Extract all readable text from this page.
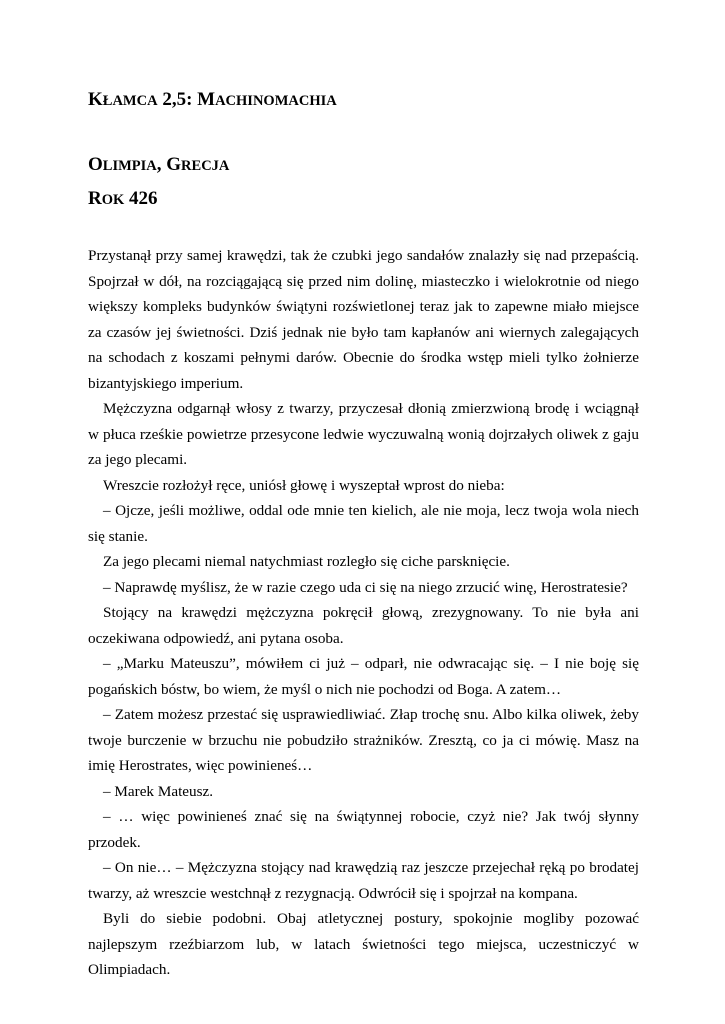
KŁAMCA 2,5: MACHINOMACHIA
OLIMPIA, GRECJA
ROK 426

Przystanął przy samej krawędzi, tak że czubki jego sandałów znalazły się nad przepaścią. Spojrzał w dół, na rozciągającą się przed nim dolinę, miasteczko i wielokrotnie od niego większy kompleks budynków świątyni rozświetlonej teraz jak to zapewne miało miejsce za czasów jej świetności. Dziś jednak nie było tam kapłanów ani wiernych zalegających na schodach z koszami pełnymi darów. Obecnie do środka wstęp mieli tylko żołnierze bizantyjskiego imperium.

Mężczyzna odgarnął włosy z twarzy, przyczesał dłonią zmierzwioną brodę i wciągnął w płuca rześkie powietrze przesycone ledwie wyczuwalną wonią dojrzałych oliwek z gaju za jego plecami.

Wreszcie rozłożył ręce, uniósł głowę i wyszeptał wprost do nieba:

– Ojcze, jeśli możliwe, oddal ode mnie ten kielich, ale nie moja, lecz twoja wola niech się stanie.

Za jego plecami niemal natychmiast rozległo się ciche parsknięcie.

– Naprawdę myślisz, że w razie czego uda ci się na niego zrzucić winę, Herostratesie?

Stojący na krawędzi mężczyzna pokręcił głową, zrezygnowany. To nie była ani oczekiwana odpowiedź, ani pytana osoba.

– „Marku Mateuszu”, mówiłem ci już – odparł, nie odwracając się. – I nie boję się pogańskich bóstw, bo wiem, że myśl o nich nie pochodzi od Boga. A zatem…

– Zatem możesz przestać się usprawiedliwiać. Złap trochę snu. Albo kilka oliwek, żeby twoje burczenie w brzuchu nie pobudziło strażników. Zresztą, co ja ci mówię. Masz na imię Herostrates, więc powinieneś…

– Marek Mateusz.

– … więc powinieneś znać się na świątynnej robocie, czyż nie? Jak twój słynny przodek.

– On nie… – Mężczyzna stojący nad krawędzią raz jeszcze przejechał ręką po brodatej twarzy, aż wreszcie westchnął z rezygnacją. Odwrócił się i spojrzał na kompana.

Byli do siebie podobni. Obaj atletycznej postury, spokojnie mogliby pozować najlepszym rzeźbiarzom lub, w latach świetności tego miejsca, uczestniczyć w Olimpiadach.
